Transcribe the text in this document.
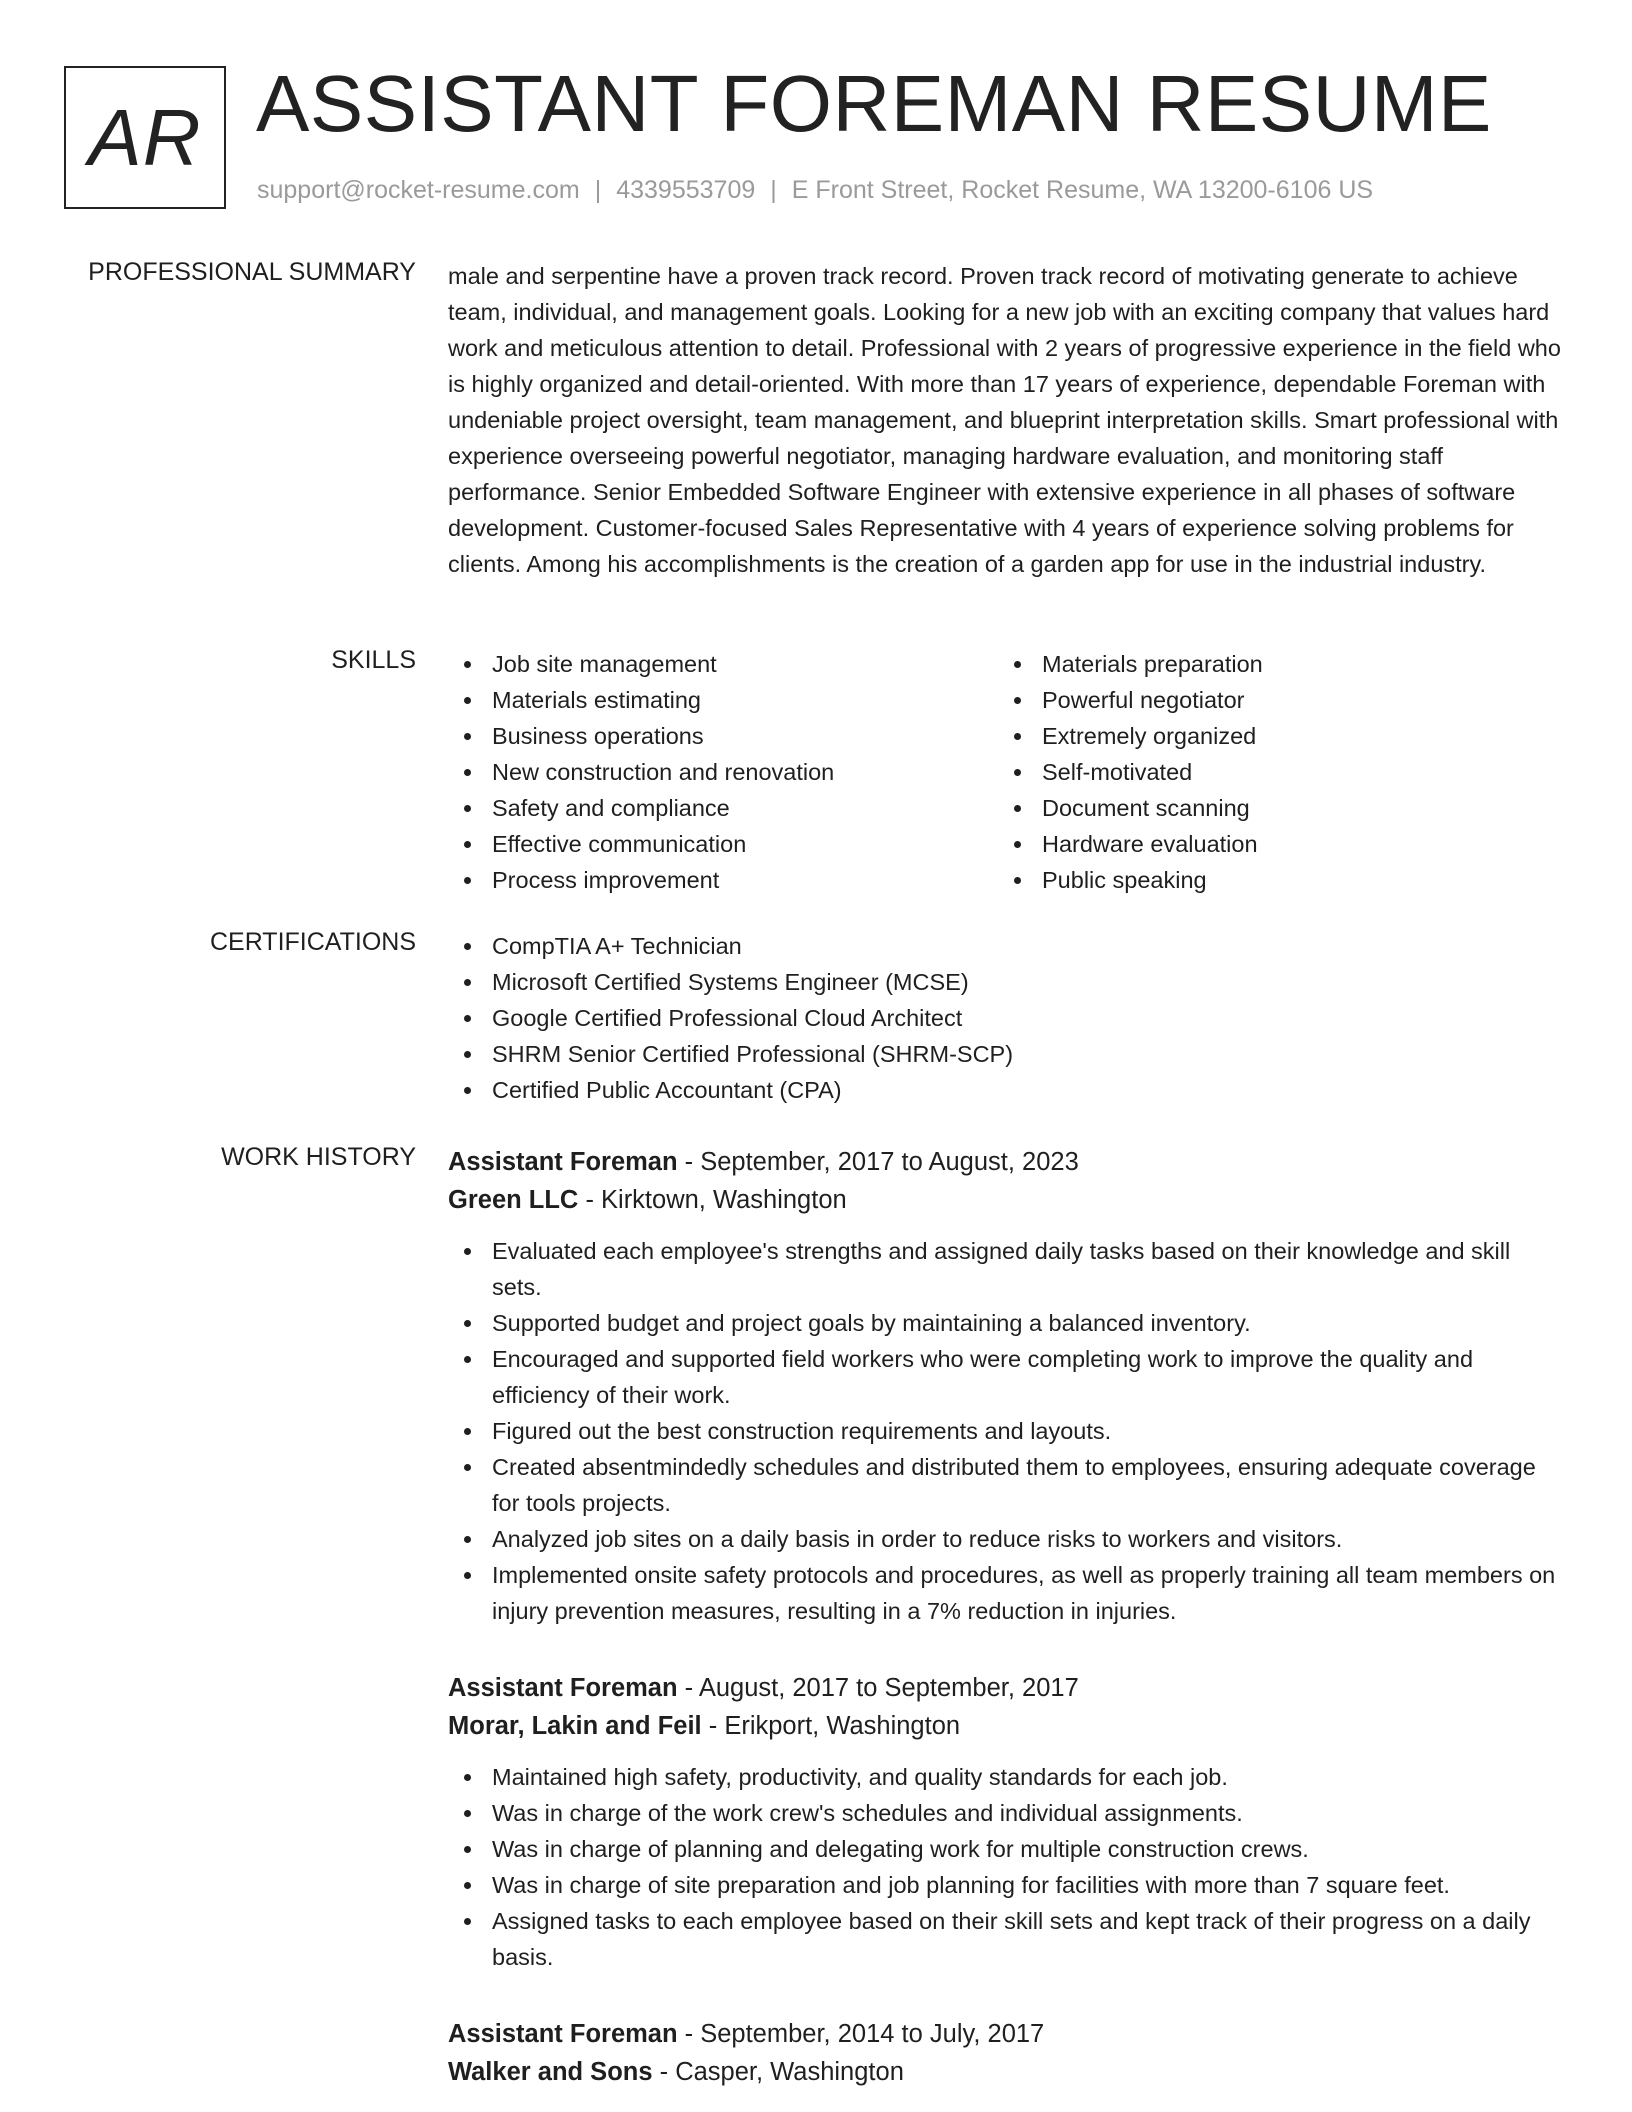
AR ASSISTANT FOREMAN RESUME
support@rocket-resume.com | 4339553709 | E Front Street, Rocket Resume, WA 13200-6106 US
PROFESSIONAL SUMMARY male and serpentine have a proven track record. Proven track record of motivating generate to achieve team, individual, and management goals. Looking for a new job with an exciting company that values hard work and meticulous attention to detail. Professional with 2 years of progressive experience in the field who is highly organized and detail-oriented. With more than 17 years of experience, dependable Foreman with undeniable project oversight, team management, and blueprint interpretation skills. Smart professional with experience overseeing powerful negotiator, managing hardware evaluation, and monitoring staff performance. Senior Embedded Software Engineer with extensive experience in all phases of software development. Customer-focused Sales Representative with 4 years of experience solving problems for clients. Among his accomplishments is the creation of a garden app for use in the industrial industry.

SKILLS	Job site management
Materials estimating
Business operations
New construction and renovation
Safety and compliance
Effective communication
Process improvement
Materials preparation
Powerful negotiator
Extremely organized
Self-motivated
Document scanning
Hardware evaluation
Public speaking
CERTIFICATIONS	CompTIA A+ Technician
Microsoft Certified Systems Engineer (MCSE)
Google Certified Professional Cloud Architect
SHRM Senior Certified Professional (SHRM-SCP)
Certified Public Accountant (CPA)
WORK HISTORY Assistant Foreman - September, 2017 to August, 2023
Green LLC - Kirktown, Washington
Evaluated each employee's strengths and assigned daily tasks based on their knowledge and skill sets.
Supported budget and project goals by maintaining a balanced inventory.
Encouraged and supported field workers who were completing work to improve the quality and efficiency of their work.
Figured out the best construction requirements and layouts.
Created absentmindedly schedules and distributed them to employees, ensuring adequate coverage for tools projects.
Analyzed job sites on a daily basis in order to reduce risks to workers and visitors.
Implemented onsite safety protocols and procedures, as well as properly training all team members on injury prevention measures, resulting in a 7% reduction in injuries.
Assistant Foreman - August, 2017 to September, 2017
Morar, Lakin and Feil - Erikport, Washington
Maintained high safety, productivity, and quality standards for each job.
Was in charge of the work crew's schedules and individual assignments.
Was in charge of planning and delegating work for multiple construction crews.
Was in charge of site preparation and job planning for facilities with more than 7 square feet.
Assigned tasks to each employee based on their skill sets and kept track of their progress on a daily basis.
Assistant Foreman - September, 2014 to July, 2017
Walker and Sons - Casper, Washington
